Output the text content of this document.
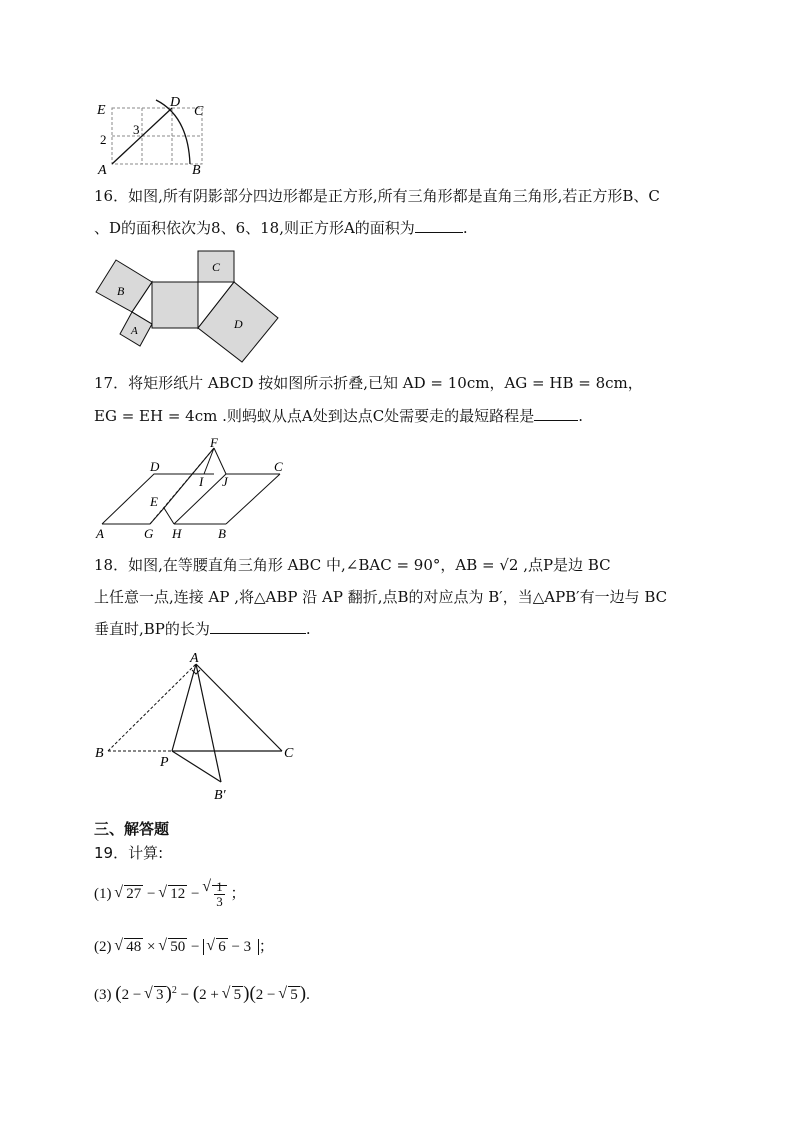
E
D
C
A	B
2
3
16．如图,所有阴影部分四边形都是正方形,所有三角形都是直角三角形,若正方形B、C
、D的面积依次为8、6、18,则正方形A的面积为	.
B
C
D
A
17．将矩形纸片 ABCD 按如图所示折叠,已知 AD = 10cm，AG = HB = 8cm，
EG = EH = 4cm .则蚂蚁从点A处到达点C处需要走的最短路程是	.
F
D
I J
C
E
A	G H	B
18．如图,在等腰直角三角形 ABC 中,∠BAC = 90°，AB = √2 ,点P是边 BC
上任意一点,连接 AP ,将△ABP 沿 AP 翻折,点B的对应点为 B′，当△APB′有一边与 BC
垂直时,BP的长为	.
A
B
P
C
B′
三、解答题
19．计算:
(1) √ 27 − √ 12 − √ $\frac{1}{3}$ ；
(2) √ 48 × √ 50 − √ 6 − 3 ；
(3) (2 − √ 3 )$^2$ − (2 + √ 5 )(2 − √ 5 ).
